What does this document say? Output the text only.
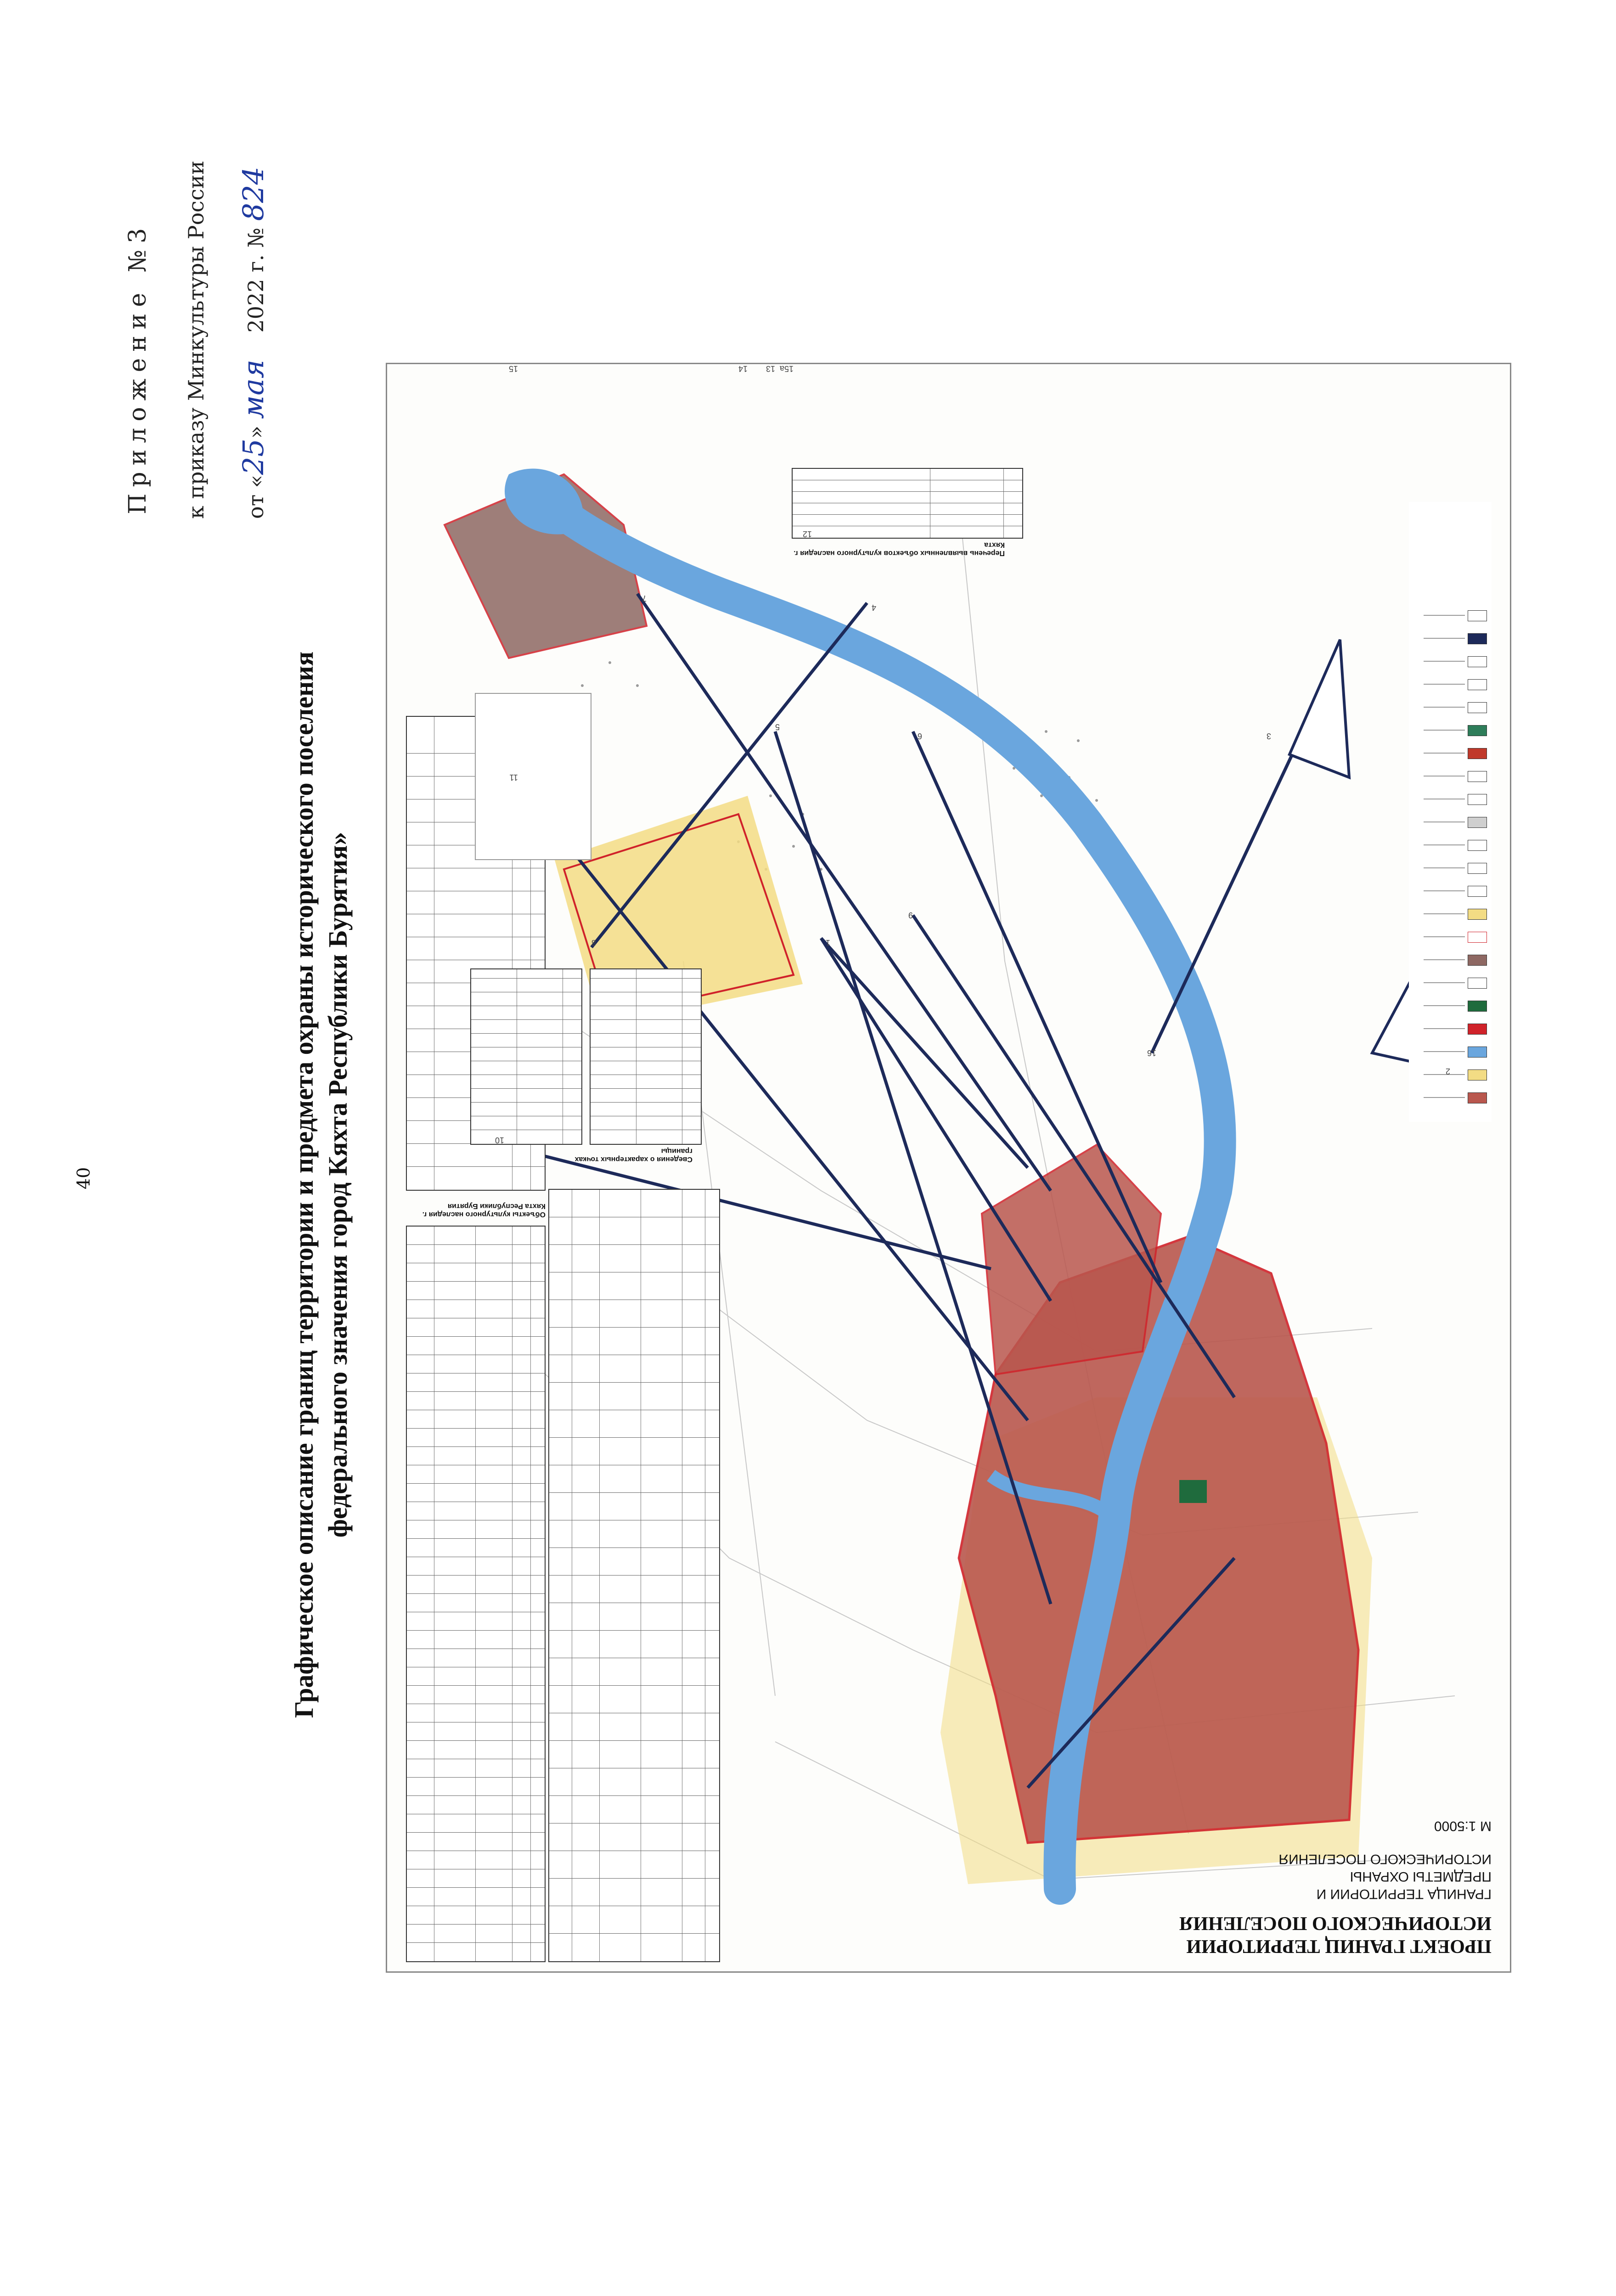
40
Приложение №3 к приказу Минкультуры России	от «25» мая    2022 г. № 824
Графическое описание границ территории и предмета охраны исторического поселения федерального значения город Кяхта Республики Бурятия»
ПРОЕКТ ГРАНИЦ ТЕРРИТОРИИ ИСТОРИЧЕСКОГО ПОСЕЛЕНИЯ
ГРАНИЦА ТЕРРИТОРИИ И ПРЕДМЕТЫ ОХРАНЫ ИСТОРИЧЕСКОГО ПОСЕЛЕНИЯ
М 1:5000
Объекты культурного наследия г. Кяхта Республики Бурятия
Сведения о характерных точках границы
Перечень выявленных объектов культурного наследия г. Кяхта
1
2
3
4
5
6
7
8
9
10
11
12
13
14
15	15а
16
